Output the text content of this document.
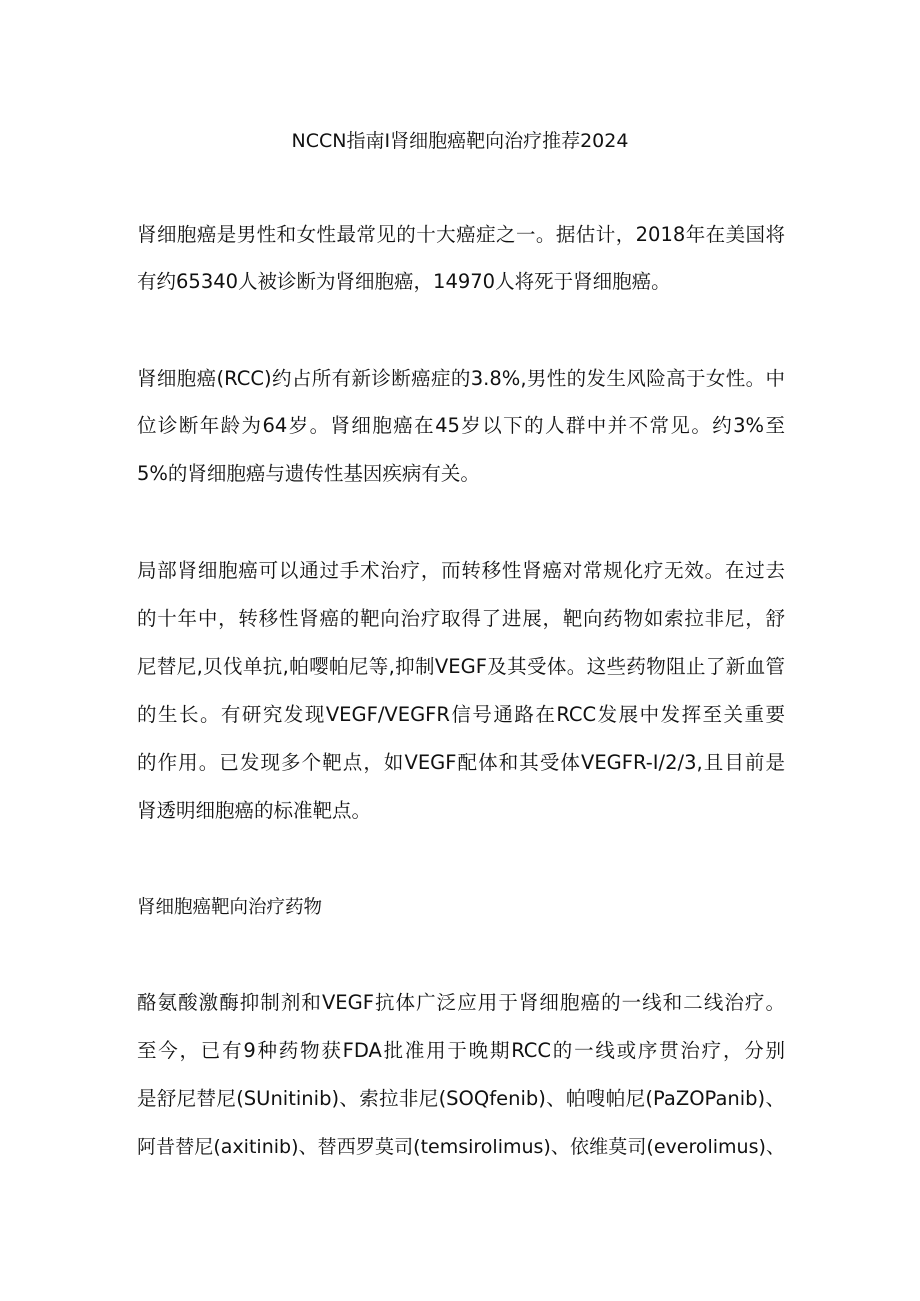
NCCN指南I肾细胞癌靶向治疗推荐2024
肾细胞癌是男性和女性最常见的十大癌症之一。据估计，2018年在美国将
有约65340人被诊断为肾细胞癌，14970人将死于肾细胞癌。
肾细胞癌(RCC)约占所有新诊断癌症的3.8%,男性的发生风险高于女性。中
位诊断年龄为64岁。肾细胞癌在45岁以下的人群中并不常见。约3%至
5%的肾细胞癌与遗传性基因疾病有关。
局部肾细胞癌可以通过手术治疗，而转移性肾癌对常规化疗无效。在过去
的十年中，转移性肾癌的靶向治疗取得了进展，靶向药物如索拉非尼，舒
尼替尼,贝伐单抗,帕嘤帕尼等,抑制VEGF及其受体。这些药物阻止了新血管
的生长。有研究发现VEGF/VEGFR信号通路在RCC发展中发挥至关重要
的作用。已发现多个靶点，如VEGF配体和其受体VEGFR-I/2/3,且目前是
肾透明细胞癌的标准靶点。
肾细胞癌靶向治疗药物
酪氨酸激酶抑制剂和VEGF抗体广泛应用于肾细胞癌的一线和二线治疗。
至今，已有9种药物获FDA批准用于晚期RCC的一线或序贯治疗，分别
是舒尼替尼(SUnitinib)、索拉非尼(SOQfenib)、帕嗖帕尼(PaZOPanib)、
阿昔替尼(axitinib)、替西罗莫司(temsirolimus)、依维莫司(everolimus)、
